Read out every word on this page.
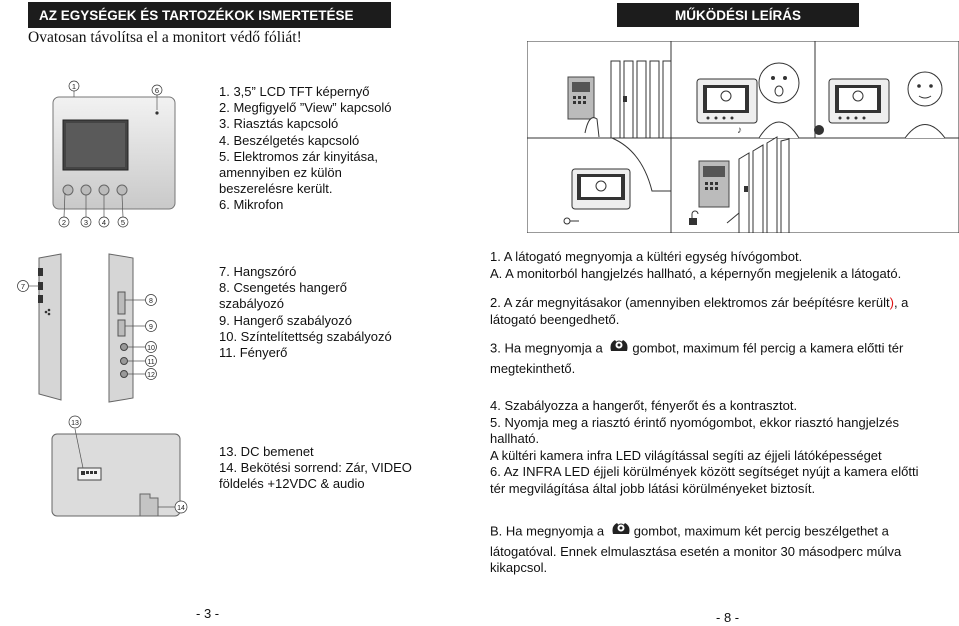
AZ EGYSÉGEK ÉS TARTOZÉKOK ISMERTETÉSE
Ovatosan távolítsa el a monitort védő fóliát!
1	6
2 3 4 5
1. 3,5” LCD TFT képernyő
2. Megfigyelő ”View” kapcsoló
3. Riasztás kapcsoló
4. Beszélgetés kapcsoló
5. Elektromos zár kinyitása,
amennyiben ez külön
beszerelésre került.
6. Mikrofon
7
8
9
10
11
12
7. Hangszóró
8. Csengetés hangerő
szabályozó
9. Hangerő szabályozó
10. Színtelítettség szabályozó
11. Fényerő
13
14
13. DC bemenet
14. Bekötési sorrend: Zár, VIDEO
földelés +12VDC & audio
- 3 -
MŰKÖDÉSI LEÍRÁS
♪

1. A látogató megnyomja a kültéri egység hívógombot.

A. A monitorból hangjelzés hallható, a képernyőn megjelenik a látogató.

2. A zár megnyitásakor (amennyiben elektromos zár beépítésre került), a

látogató beengedhető.

3. Ha megnyomja a gombot, maximum fél percig a kamera előtti tér

megtekinthető.

4. Szabályozza a hangerőt, fényerőt és a kontrasztot.

5. Nyomja meg a riasztó érintő nyomógombot, ekkor riasztó hangjelzés

hallható.

A kültéri kamera infra LED világítással segíti az éjjeli látóképességet

6. Az INFRA LED éjjeli körülmények között segítséget nyújt a kamera előtti

tér megvilágítása által jobb látási körülményeket biztosít.

B. Ha megnyomja a gombot, maximum két percig beszélgethet a

látogatóval. Ennek elmulasztása esetén a monitor 30 másodperc múlva

kikapcsol.

- 8 -
